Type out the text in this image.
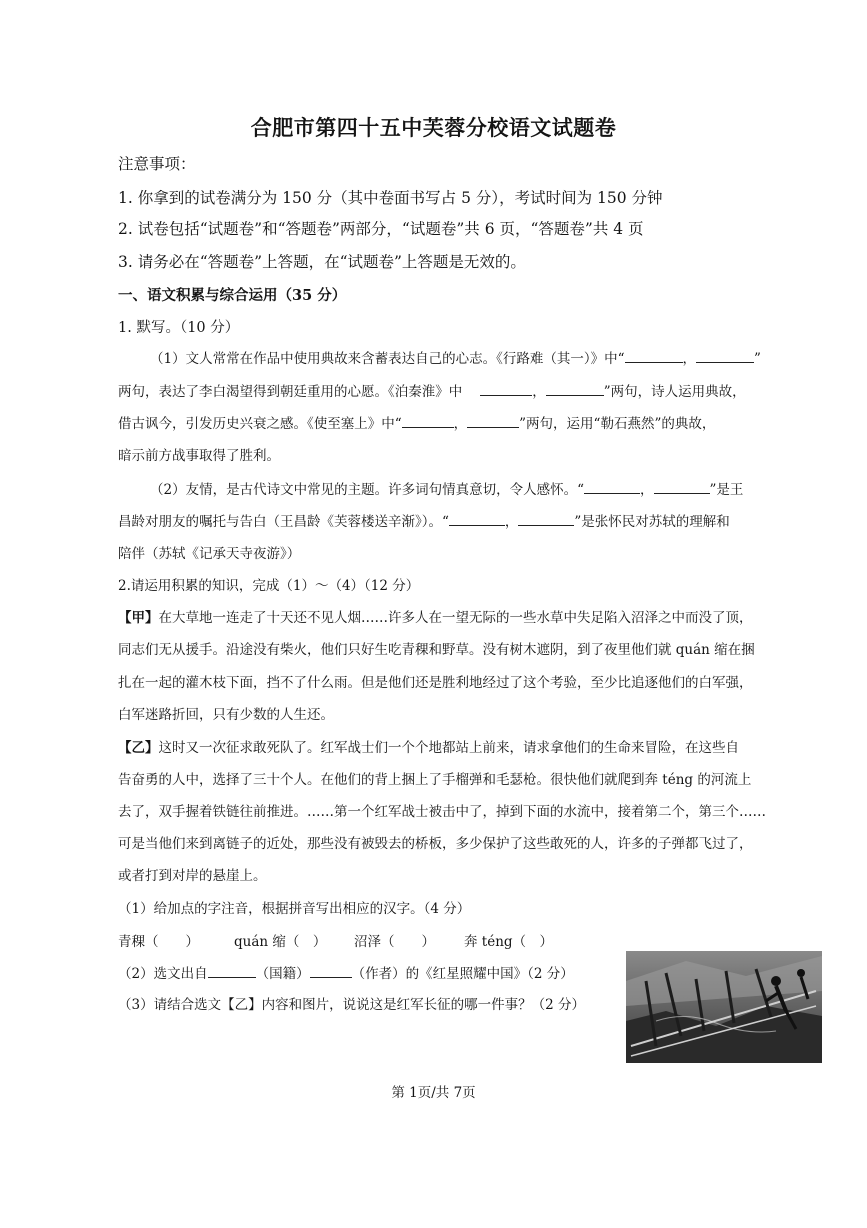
合肥市第四十五中芙蓉分校语文试题卷
注意事项：
1. 你拿到的试卷满分为 150 分（其中卷面书写占 5 分），考试时间为 150 分钟
2. 试卷包括“试题卷”和“答题卷”两部分，“试题卷”共 6 页，“答题卷”共 4 页
3. 请务必在“答题卷”上答题，在“试题卷”上答题是无效的。
一、语文积累与综合运用（35 分）
1. 默写。（10 分）
（1）文人常常在作品中使用典故来含蓄表达自己的心志。《行路难（其一）》中“	，	”
两句，表达了李白渴望得到朝廷重用的心愿。《泊秦淮》中	，	”两句，诗人运用典故，
借古讽今，引发历史兴衰之感。《使至塞上》中“	，	”两句，运用“勒石燕然”的典故，
暗示前方战事取得了胜利。
（2）友情，是古代诗文中常见的主题。许多词句情真意切，令人感怀。“	，	”是王
昌龄对朋友的嘱托与告白（王昌龄《芙蓉楼送辛渐》）。“	，	”是张怀民对苏轼的理解和
陪伴（苏轼《记承天寺夜游》）
2.请运用积累的知识，完成（1）～（4）（12 分）
【甲】在大草地一连走了十天还不见人烟……许多人在一望无际的一些水草中失足陷入沼泽之中而没了顶，
同志们无从援手。沿途没有柴火，他们只好生吃青稞和野草。没有树木遮阴，到了夜里他们就 quán 缩在捆
扎在一起的灌木枝下面，挡不了什么雨。但是他们还是胜利地经过了这个考验，至少比追逐他们的白军强，
白军迷路折回，只有少数的人生还。
【乙】这时又一次征求敢死队了。红军战士们一个个地都站上前来，请求拿他们的生命来冒险，在这些自
告奋勇的人中，选择了三十个人。在他们的背上捆上了手榴弹和毛瑟枪。很快他们就爬到奔 téng 的河流上
去了，双手握着铁链往前推进。……第一个红军战士被击中了，掉到下面的水流中，接着第二个，第三个……
可是当他们来到离链子的近处，那些没有被毁去的桥板，多少保护了这些敢死的人，许多的子弹都飞过了，
或者打到对岸的悬崖上。
（1）给加点的字注音，根据拼音写出相应的汉字。（4 分）
青稞（　　）	quán 缩（　） 沼泽（　　） 奔 téng（　）
（2）选文出自	（国籍）	（作者）的《红星照耀中国》（2 分）
（3）请结合选文【乙】内容和图片，说说这是红军长征的哪一件事？（2 分）
第 1页/共 7页
